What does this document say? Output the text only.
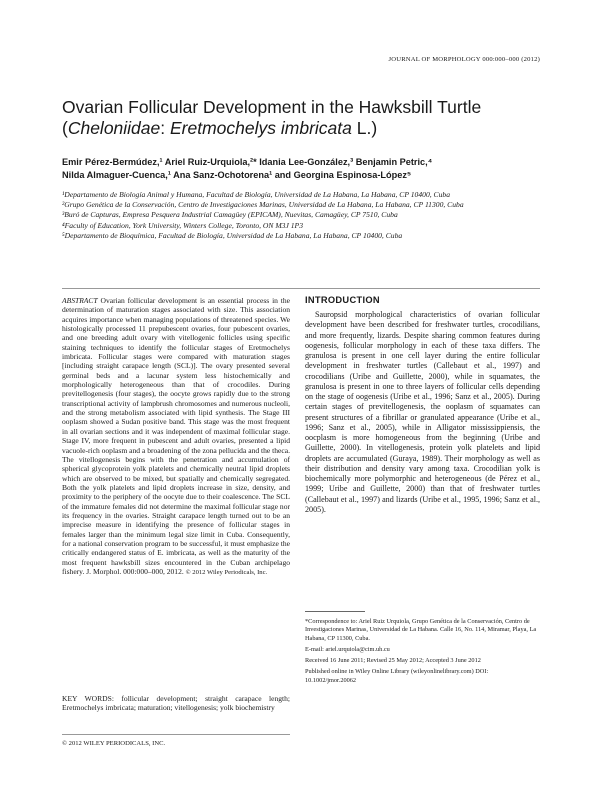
JOURNAL OF MORPHOLOGY 000:000–000 (2012)
Ovarian Follicular Development in the Hawksbill Turtle (Cheloniidae: Eretmochelys imbricata L.)
Emir Pérez-Bermúdez,¹ Ariel Ruiz-Urquiola,²* Idania Lee-González,³ Benjamin Petric,⁴
Nilda Almaguer-Cuenca,¹ Ana Sanz-Ochotorena¹ and Georgina Espinosa-López⁵
¹Departamento de Biología Animal y Humana, Facultad de Biología, Universidad de La Habana, La Habana, CP 10400, Cuba
²Grupo Genética de la Conservación, Centro de Investigaciones Marinas, Universidad de La Habana, La Habana, CP 11300, Cuba
³Buró de Capturas, Empresa Pesquera Industrial Camagüey (EPICAM), Nuevitas, Camagüey, CP 7510, Cuba
⁴Faculty of Education, York University, Winters College, Toronto, ON M3J 1P3
⁵Departamento de Bioquímica, Facultad de Biología, Universidad de La Habana, La Habana, CP 10400, Cuba
ABSTRACT Ovarian follicular development is an essential process in the determination of maturation stages associated with size. This association acquires importance when managing populations of threatened species. We histologically processed 11 prepubescent ovaries, four pubescent ovaries, and one breeding adult ovary with vitellogenic follicles using specific staining techniques to identify the follicular stages of Eretmochelys imbricata. Follicular stages were compared with maturation stages [including straight carapace length (SCL)]. The ovary presented several germinal beds and a lacunar system less histochemically and morphologically heterogeneous than that of crocodiles. During previtellogenesis (four stages), the oocyte grows rapidly due to the strong transcriptional activity of lampbrush chromosomes and numerous nucleoli, and the strong metabolism associated with lipid synthesis. The Stage III ooplasm showed a Sudan positive band. This stage was the most frequent in all ovarian sections and it was independent of maximal follicular stage. Stage IV, more frequent in pubescent and adult ovaries, presented a lipid vacuole-rich ooplasm and a broadening of the zona pellucida and the theca. The vitellogenesis begins with the penetration and accumulation of spherical glycoprotein yolk platelets and chemically neutral lipid droplets which are observed to be mixed, but spatially and chemically segregated. Both the yolk platelets and lipid droplets increase in size, density, and proximity to the periphery of the oocyte due to their coalescence. The SCL of the immature females did not determine the maximal follicular stage nor its frequency in the ovaries. Straight carapace length turned out to be an imprecise measure in identifying the presence of follicular stages in females larger than the minimum legal size limit in Cuba. Consequently, for a national conservation program to be successful, it must emphasize the critically endangered status of E. imbricata, as well as the maturity of the most frequent hawksbill sizes encountered in the Cuban archipelago fishery. J. Morphol. 000:000–000, 2012. © 2012 Wiley Periodicals, Inc.
KEY WORDS: follicular development; straight carapace length; Eretmochelys imbricata; maturation; vitellogenesis; yolk biochemistry
© 2012 WILEY PERIODICALS, INC.
INTRODUCTION

Sauropsid morphological characteristics of ovarian follicular development have been described for freshwater turtles, crocodilians, and more frequently, lizards. Despite sharing common features during oogenesis, follicular morphology in each of these taxa differs. The granulosa is present in one cell layer during the entire follicular development in freshwater turtles (Callebaut et al., 1997) and crocodilians (Uribe and Guillette, 2000), while in squamates, the granulosa is present in one to three layers of follicular cells depending on the stage of oogenesis (Uribe et al., 1996; Sanz et al., 2005). During certain stages of previtellogenesis, the ooplasm of squamates can present structures of a fibrillar or granulated appearance (Uribe et al., 1996; Sanz et al., 2005), while in Alligator mississippiensis, the oocplasm is more homogeneous from the beginning (Uribe and Guillette, 2000). In vitellogenesis, protein yolk platelets and lipid droplets are accumulated (Guraya, 1989). Their morphology as well as their distribution and density vary among taxa. Crocodilian yolk is biochemically more polymorphic and heterogeneous (de Pérez et al., 1999; Uribe and Guillette, 2000) than that of freshwater turtles (Callebaut et al., 1997) and lizards (Uribe et al., 1995, 1996; Sanz et al., 2005).

*Correspondence to: Ariel Ruiz Urquiola, Grupo Genética de la Conservación, Centro de Investigaciones Marinas, Universidad de La Habana. Calle 16, No. 114, Miramar, Playa, La Habana, CP 11300, Cuba.

E-mail: ariel.urquiola@cim.uh.cu

Received 16 June 2011; Revised 25 May 2012; Accepted 3 June 2012

Published online in Wiley Online Library (wileyonlinelibrary.com) DOI: 10.1002/jmor.20062
